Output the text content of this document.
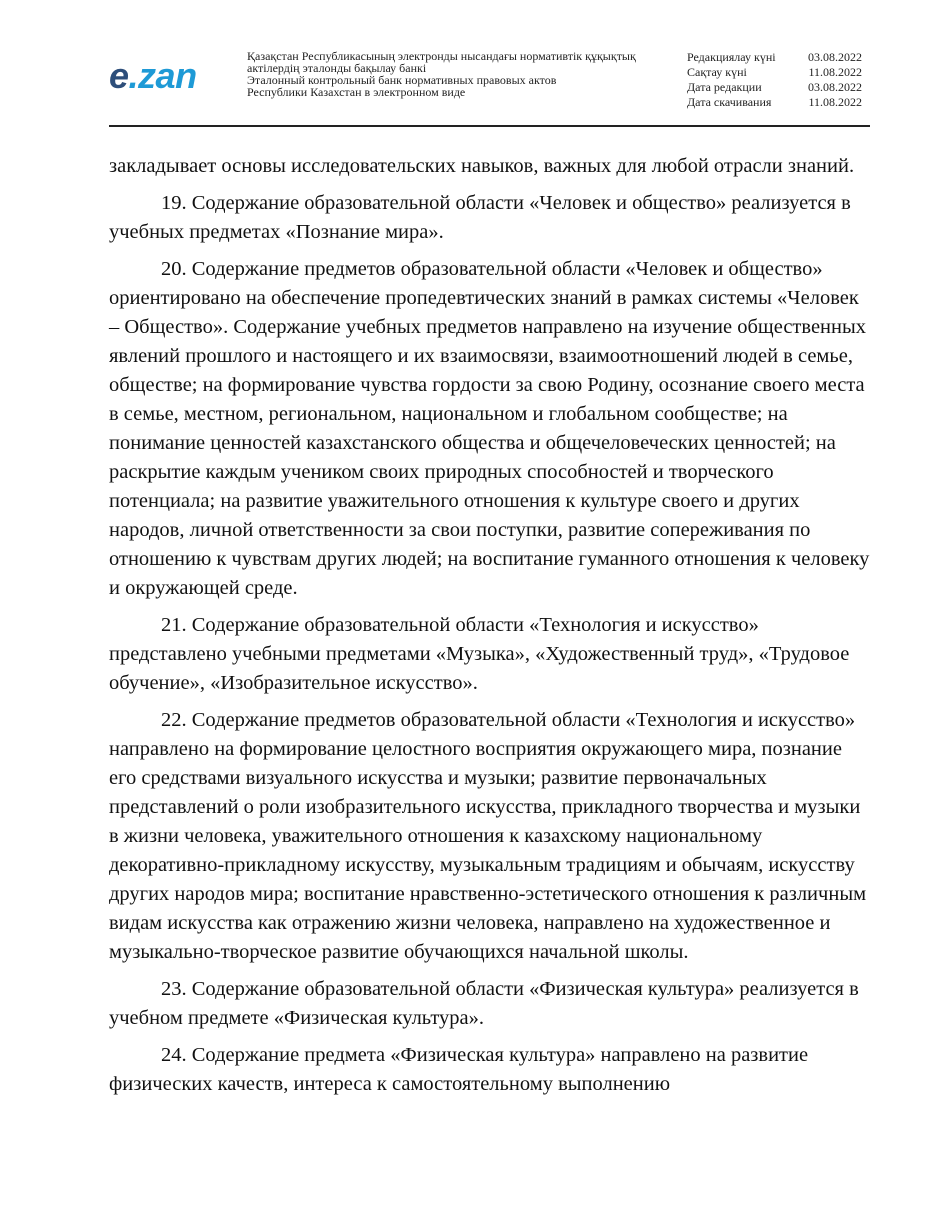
e.zan	Қазақстан Республикасының электронды нысандағы нормативтік құқықтық
актілердің эталонды бақылау банкі
Эталонный контрольный банк нормативных правовых актов
Республики Казахстан в электронном виде
Редакциялау күні	03.08.2022
Сақтау күні	11.08.2022
Дата редакции	03.08.2022
Дата скачивания	11.08.2022

закладывает основы исследовательских навыков, важных для любой отрасли знаний.

19. Содержание образовательной области «Человек и общество» реализуется в учебных предметах «Познание мира».

20. Содержание предметов образовательной области «Человек и общество» ориентировано на обеспечение пропедевтических знаний в рамках системы «Человек – Общество». Содержание учебных предметов направлено на изучение общественных явлений прошлого и настоящего и их взаимосвязи, взаимоотношений людей в семье, обществе; на формирование чувства гордости за свою Родину, осознание своего места в семье, местном, региональном, национальном и глобальном сообществе; на понимание ценностей казахстанского общества и общечеловеческих ценностей; на раскрытие каждым учеником своих природных способностей и творческого потенциала; на развитие уважительного отношения к культуре своего и других народов, личной ответственности за свои поступки, развитие сопереживания по отношению к чувствам других людей; на воспитание гуманного отношения к человеку и окружающей среде.

21. Содержание образовательной области «Технология и искусство» представлено учебными предметами «Музыка», «Художественный труд», «Трудовое обучение», «Изобразительное искусство».

22. Содержание предметов образовательной области «Технология и искусство» направлено на формирование целостного восприятия окружающего мира, познание его средствами визуального искусства и музыки; развитие первоначальных представлений о роли изобразительного искусства, прикладного творчества и музыки в жизни человека, уважительного отношения к казахскому национальному декоративно-прикладному искусству, музыкальным традициям и обычаям, искусству других народов мира; воспитание нравственно-эстетического отношения к различным видам искусства как отражению жизни человека, направлено на художественное и музыкально-творческое развитие обучающихся начальной школы.

23. Содержание образовательной области «Физическая культура» реализуется в учебном предмете «Физическая культура».

24. Содержание предмета «Физическая культура» направлено на развитие физических качеств, интереса к самостоятельному выполнению
